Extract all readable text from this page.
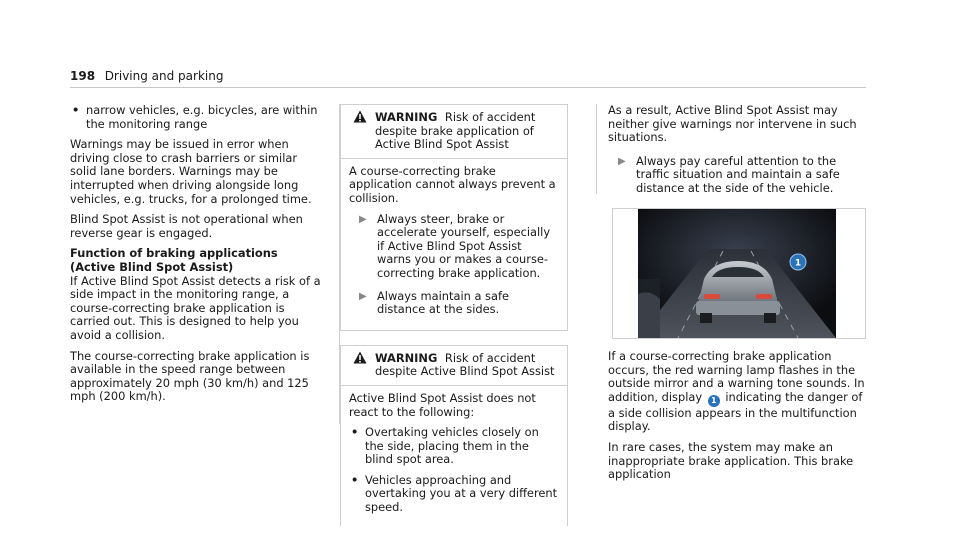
198 Driving and parking
• narrow vehicles, e.g. bicycles, are within the monitoring range

Warnings may be issued in error when driving close to crash barriers or similar solid lane borders. Warnings may be interrupted when driving alongside long vehicles, e.g. trucks, for a prolonged time.

Blind Spot Assist is not operational when reverse gear is engaged.

Function of braking applications (Active Blind Spot Assist)

If Active Blind Spot Assist detects a risk of a side impact in the monitoring range, a course-correcting brake application is carried out. This is designed to help you avoid a collision.

The course-correcting brake application is available in the speed range between approximately 20 mph (30 km/h) and 125 mph (200 km/h).

WARNING Risk of accident despite brake application of Active Blind Spot Assist

A course-correcting brake application cannot always prevent a collision.

▶ Always steer, brake or accelerate yourself, especially if Active Blind Spot Assist warns you or makes a course-correcting brake application.
▶ Always maintain a safe distance at the sides.
WARNING Risk of accident despite Active Blind Spot Assist

Active Blind Spot Assist does not react to the following:

• Overtaking vehicles closely on the side, placing them in the blind spot area.
• Vehicles approaching and overtaking you at a very different speed.

As a result, Active Blind Spot Assist may neither give warnings nor intervene in such situations.

▶ Always pay careful attention to the traffic situation and maintain a safe distance at the side of the vehicle.
1

If a course-correcting brake application occurs, the red warning lamp flashes in the outside mirror and a warning tone sounds. In addition, display 1 indicating the danger of a side collision appears in the multifunction display.

In rare cases, the system may make an inappropriate brake application. This brake application
